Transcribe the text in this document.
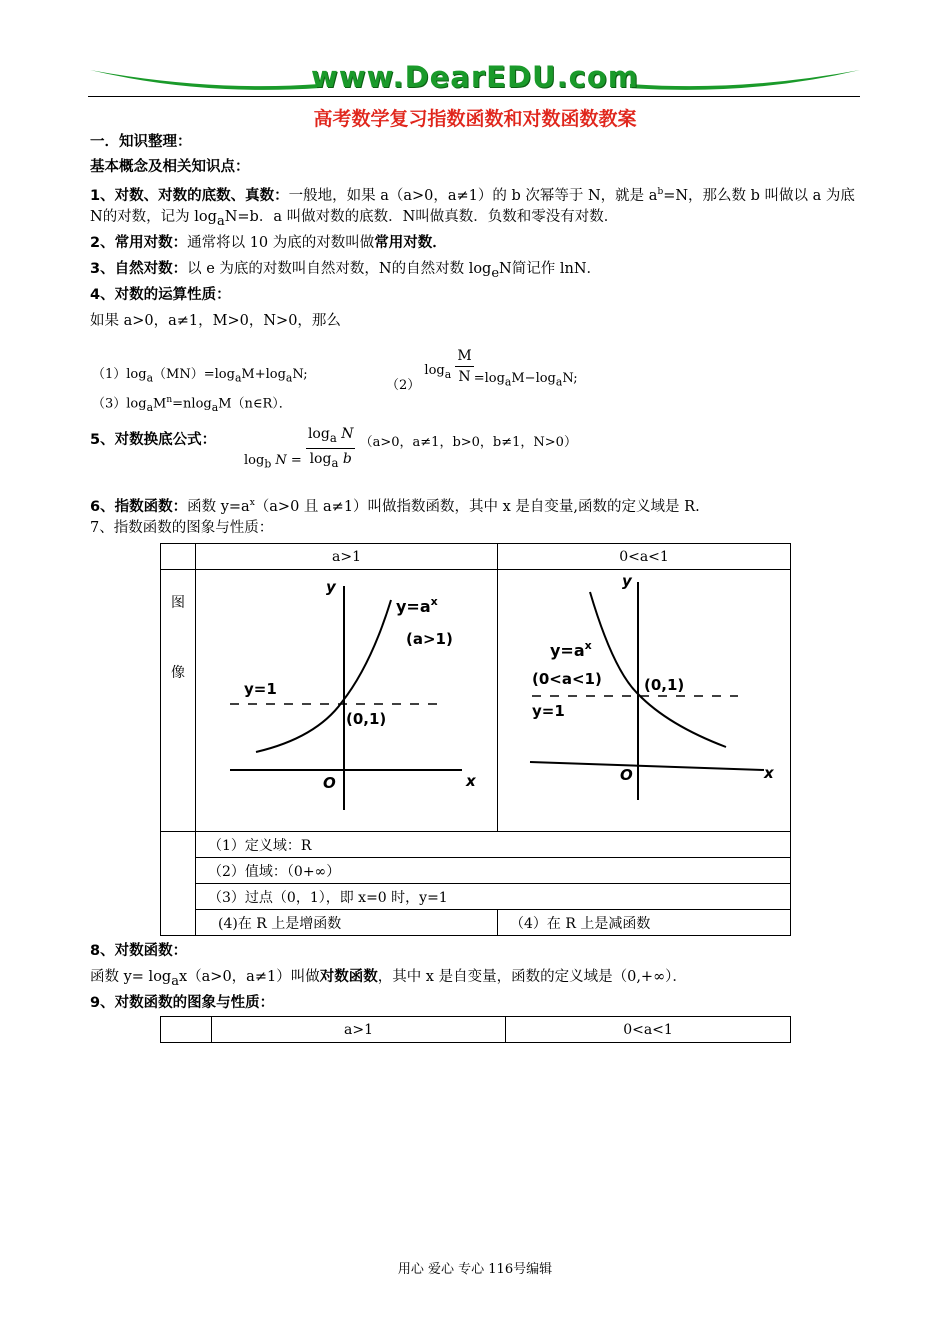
www.DearEDU.com
高考数学复习指数函数和对数函数教案
一．知识整理：
基本概念及相关知识点：
1、对数、对数的底数、真数：一般地，如果 a（a>0，a≠1）的 b 次幂等于 N，就是 $a^b=N$，那么数 b 叫做以 a 为底
N的对数，记为 $\log_aN=b$．a 叫做对数的底数．N叫做真数．负数和零没有对数．
2、常用对数：通常将以 10 为底的对数叫做常用对数．
3、自然对数：以 e 为底的对数叫自然对数，N的自然对数 $\log_eN$简记作 lnN．
4、对数的运算性质：
如果 a>0，a≠1，M>0，N>0，那么
$(1)\log_a(MN)=\log_aM+\log_aN$;
（2） $\log_a \frac{M}{N} =\log_aM-\log_aN$;
$(3)\log_aM^n=nlog_aM(n\in R)$．
5、对数换底公式：
$\log_b N = \frac{\log_a N}{\log_a b} (a>0$，a≠1，b>0，b≠1，N>0）
6、指数函数：函数 $y=a^x(a>0$ 且 a≠1）叫做指数函数，其中 x 是自变量,函数的定义域是 R.
7、指数函数的图象与性质：
	a>1	0<a<1

图
像		

	（1）定义域：R	
	（2）值域：（0+∞）	
	（3）过点（0，1），即 x=0 时，y=1	
	(4)在 R 上是增函数	（4）在 R 上是减函数
y
x
O
$y=a^x$
(a>1)
y=1
(0,1)
y
x
O
$y=a^x$
(0<a<1)
y=1
(0,1)
8、对数函数：
函数 $y= \log_ax(a>0$，a≠1）叫做对数函数，其中 x 是自变量，函数的定义域是（0,+∞）．
9、对数函数的图象与性质：
	a>1	0<a<1
用心 爱心 专心 116号编辑
